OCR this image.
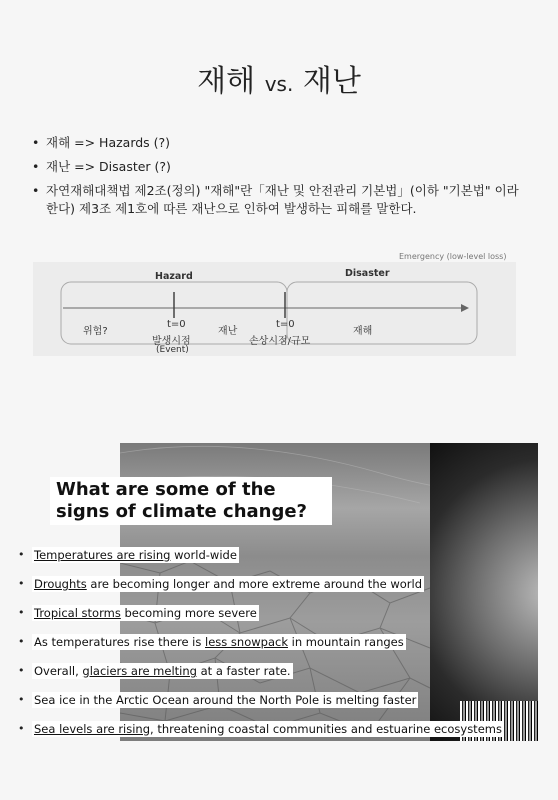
재해 vs. 재난
• 재해 => Hazards (?)
• 재난 => Disaster (?)
• 자연재해대책법 제2조(정의) "재해"란「재난 및 안전관리 기본법」(이하 "기본법" 이라 한다) 제3조 제1호에 따른 재난으로 인하여 발생하는 피해를 말한다.
Emergency (low-level loss)
Hazard	Disaster
위험?
t=0
발생시점
(Event)
재난
t=0
손상시점/규모
재해
What are some of the signs of climate change?
• Temperatures are rising world-wide
• Droughts are becoming longer and more extreme around the world
• Tropical storms becoming more severe
• As temperatures rise there is less snowpack in mountain ranges
• Overall, glaciers are melting at a faster rate.
• Sea ice in the Arctic Ocean around the North Pole is melting faster
• Sea levels are rising, threatening coastal communities and estuarine ecosystems
